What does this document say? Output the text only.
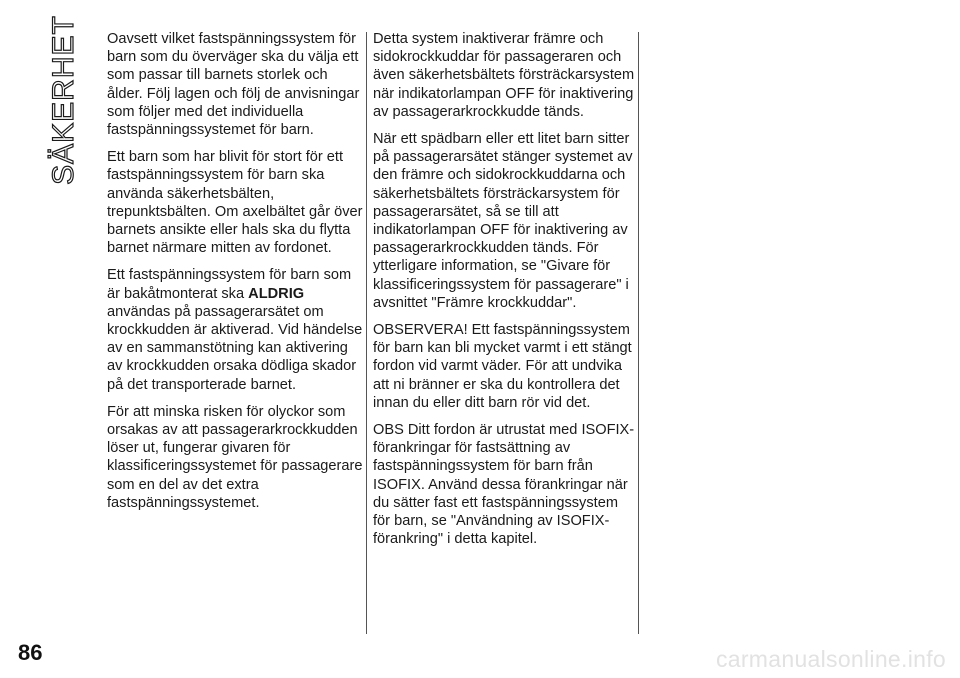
SÄKERHET Oavsett vilket fastspänningssystem för barn som du överväger ska du välja ett som passar till barnets storlek och ålder. Följ lagen och följ de anvisningar som följer med det individuella fastspänningssystemet för barn.

Ett barn som har blivit för stort för ett fastspänningssystem för barn ska använda säkerhetsbälten, trepunktsbälten. Om axelbältet går över barnets ansikte eller hals ska du flytta barnet närmare mitten av fordonet.

Ett fastspänningssystem för barn som är bakåtmonterat ska ALDRIG användas på passagerarsätet om krockkudden är aktiverad. Vid händelse av en sammanstötning kan aktivering av krockkudden orsaka dödliga skador på det transporterade barnet.

För att minska risken för olyckor som orsakas av att passagerarkrockkudden löser ut, fungerar givaren för klassificeringssystemet för passagerare som en del av det extra fastspänningssystemet.

Detta system inaktiverar främre och sidokrockkuddar för passageraren och även säkerhetsbältets försträckarsystem när indikatorlampan OFF för inaktivering av passagerarkrockkudde tänds.

När ett spädbarn eller ett litet barn sitter på passagerarsätet stänger systemet av den främre och sidokrockkuddarna och säkerhetsbältets försträckarsystem för passagerarsätet, så se till att indikatorlampan OFF för inaktivering av passagerarkrockkudden tänds. För ytterligare information, se "Givare för klassificeringssystem för passagerare" i avsnittet "Främre krockkuddar".

OBSERVERA! Ett fastspänningssystem för barn kan bli mycket varmt i ett stängt fordon vid varmt väder. För att undvika att ni bränner er ska du kontrollera det innan du eller ditt barn rör vid det.

OBS Ditt fordon är utrustat med ISOFIX-förankringar för fastsättning av fastspänningssystem för barn från ISOFIX. Använd dessa förankringar när du sätter fast ett fastspänningssystem för barn, se "Användning av ISOFIX-förankring" i detta kapitel.

86	carmanualsonline.info
